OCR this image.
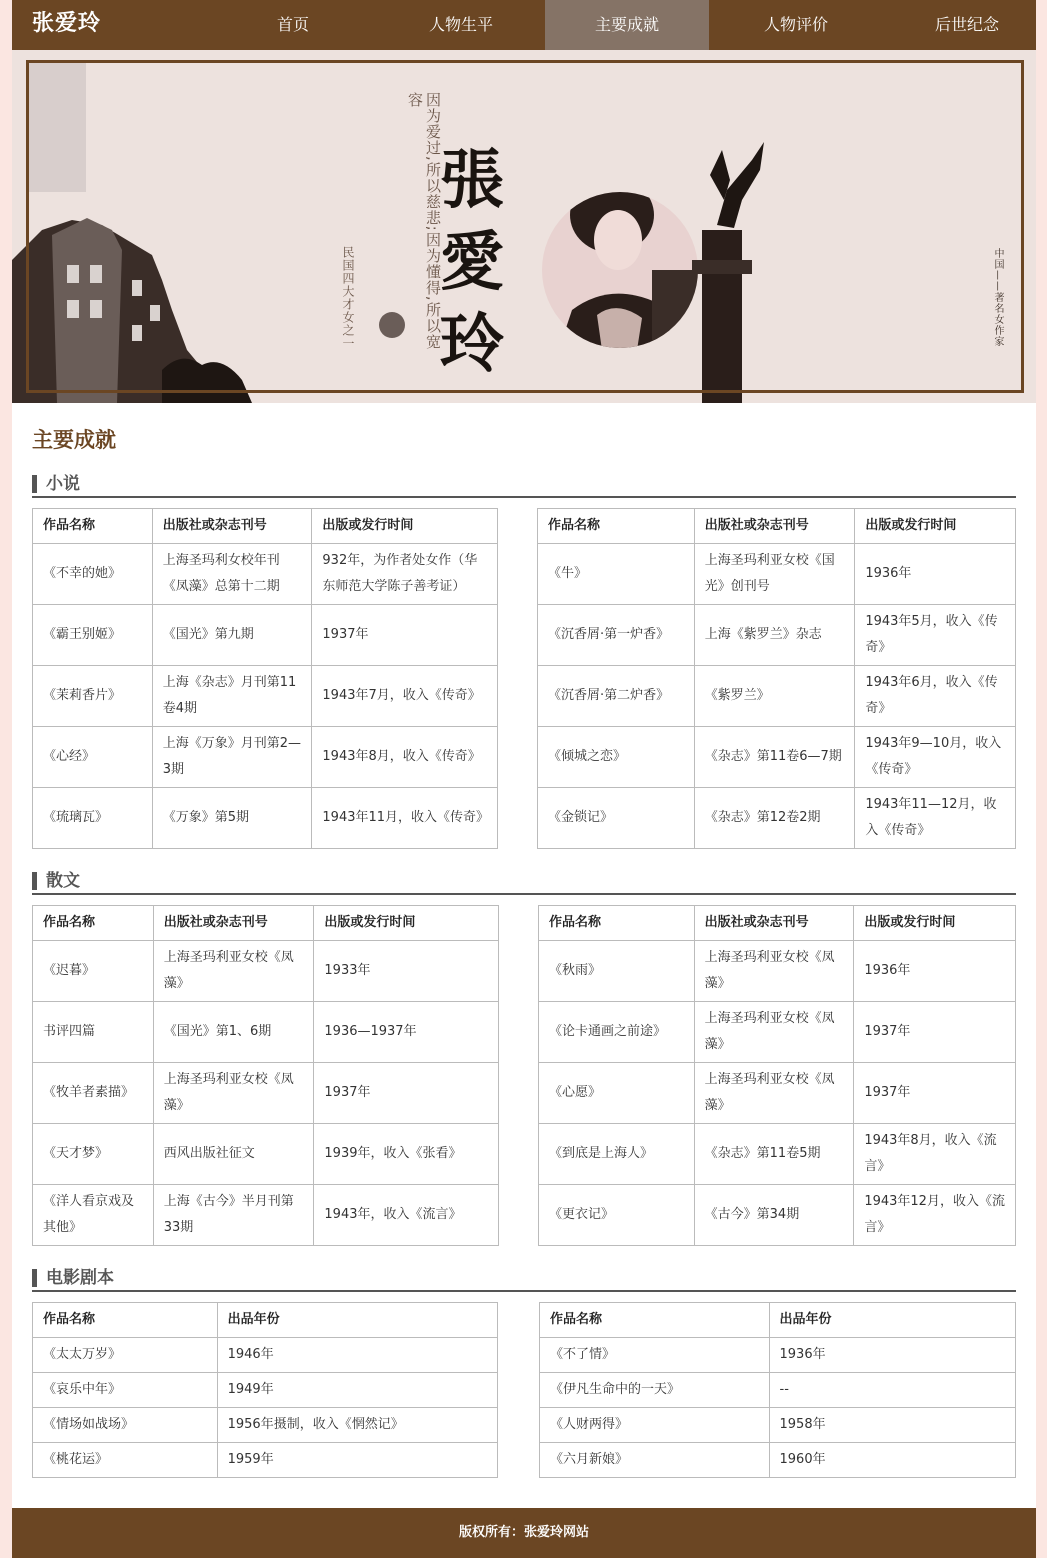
张爱玲	首页	人物生平	主要成就	人物评价	后世纪念
因为爱过,所以慈悲;因为懂得,所以宽容
民国四大才女之一
張愛玲	中国——著名女作家
主要成就
小说
作品名称	出版社或杂志刊号	出版或发行时间
《不幸的她》	上海圣玛利女校年刊《凤藻》总第十二期	932年，为作者处女作（华东师范大学陈子善考证）
《霸王别姬》	《国光》第九期	1937年
《茉莉香片》	上海《杂志》月刊第11卷4期	1943年7月，收入《传奇》
《心经》	上海《万象》月刊第2—3期	1943年8月，收入《传奇》
《琉璃瓦》	《万象》第5期	1943年11月，收入《传奇》
作品名称	出版社或杂志刊号	出版或发行时间
《牛》	上海圣玛利亚女校《国光》创刊号	1936年
《沉香屑·第一炉香》	上海《紫罗兰》杂志	1943年5月，收入《传奇》
《沉香屑·第二炉香》	《紫罗兰》	1943年6月，收入《传奇》
《倾城之恋》	《杂志》第11卷6—7期	1943年9—10月，收入《传奇》
《金锁记》	《杂志》第12卷2期	1943年11—12月，收入《传奇》
散文
作品名称	出版社或杂志刊号	出版或发行时间
《迟暮》	上海圣玛利亚女校《凤藻》	1933年
书评四篇	《国光》第1、6期	1936—1937年
《牧羊者素描》	上海圣玛利亚女校《凤藻》	1937年
《天才梦》	西风出版社征文	1939年，收入《张看》
《洋人看京戏及其他》	上海《古今》半月刊第33期	1943年，收入《流言》
作品名称	出版社或杂志刊号	出版或发行时间
《秋雨》	上海圣玛利亚女校《凤藻》	1936年
《论卡通画之前途》	上海圣玛利亚女校《凤藻》	1937年
《心愿》	上海圣玛利亚女校《凤藻》	1937年
《到底是上海人》	《杂志》第11卷5期	1943年8月，收入《流言》
《更衣记》	《古今》第34期	1943年12月，收入《流言》
电影剧本
作品名称	出品年份
《太太万岁》	1946年
《哀乐中年》	1949年
《情场如战场》	1956年摄制，收入《惘然记》
《桃花运》	1959年
作品名称	出品年份
《不了情》	1936年
《伊凡生命中的一天》	--
《人财两得》	1958年
《六月新娘》	1960年
版权所有：张爱玲网站
